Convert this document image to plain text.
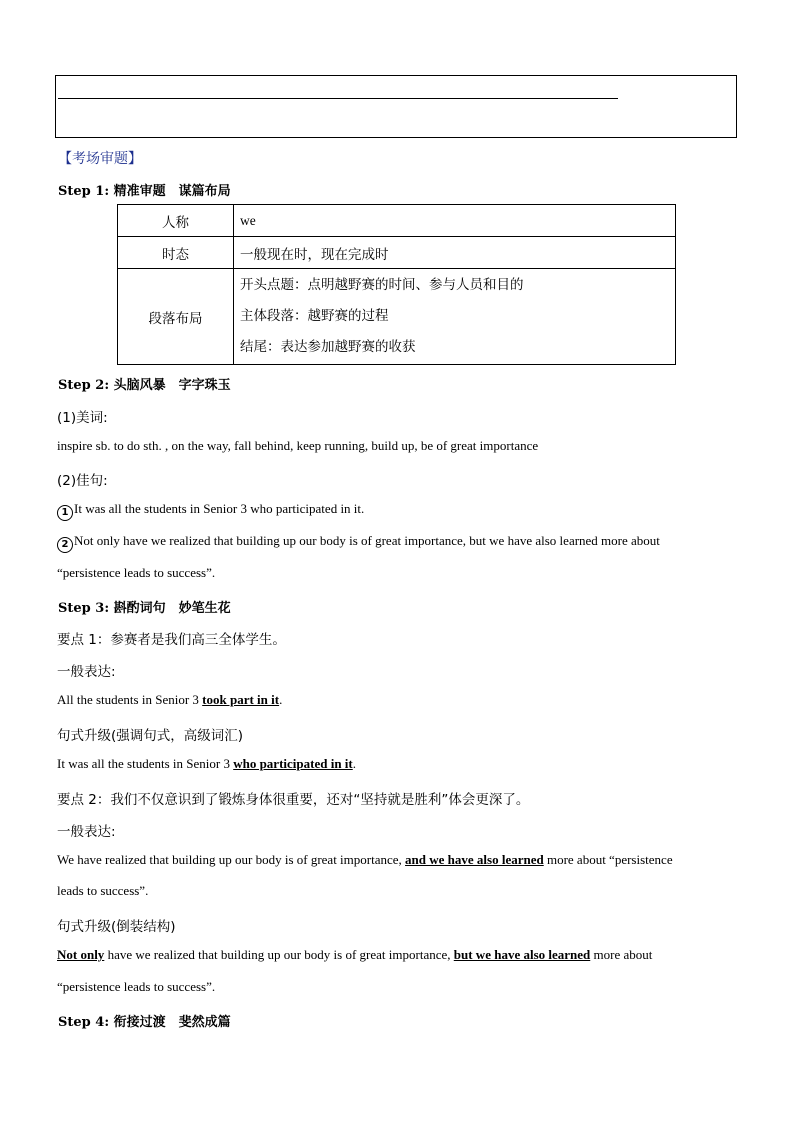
【考场审题】
Step 1: 精准审题　谋篇布局
人称	we
时态	一般现在时，现在完成时
段落布局	开头点题：点明越野赛的时间、参与人员和目的
主体段落：越野赛的过程
结尾：表达参加越野赛的收获
Step 2: 头脑风暴　字字珠玉
(1)美词:
inspire sb. to do sth. , on the way, fall behind, keep running, build up, be of great importance
(2)佳句:
1 It was all the students in Senior 3 who participated in it.
2 Not only have we realized that building up our body is of great importance, but we have also learned more about
“persistence leads to success”.
Step 3: 斟酌词句　妙笔生花
要点 1：参赛者是我们高三全体学生。
一般表达:
All the students in Senior 3 took part in it.
句式升级(强调句式，高级词汇)
It was all the students in Senior 3 who participated in it.
要点 2：我们不仅意识到了锻炼身体很重要，还对“坚持就是胜利”体会更深了。
一般表达:
We have realized that building up our body is of great importance, and we have also learned more about “persistence
leads to success”.
句式升级(倒装结构)
Not only have we realized that building up our body is of great importance, but we have also learned more about
“persistence leads to success”.
Step 4: 衔接过渡　斐然成篇
